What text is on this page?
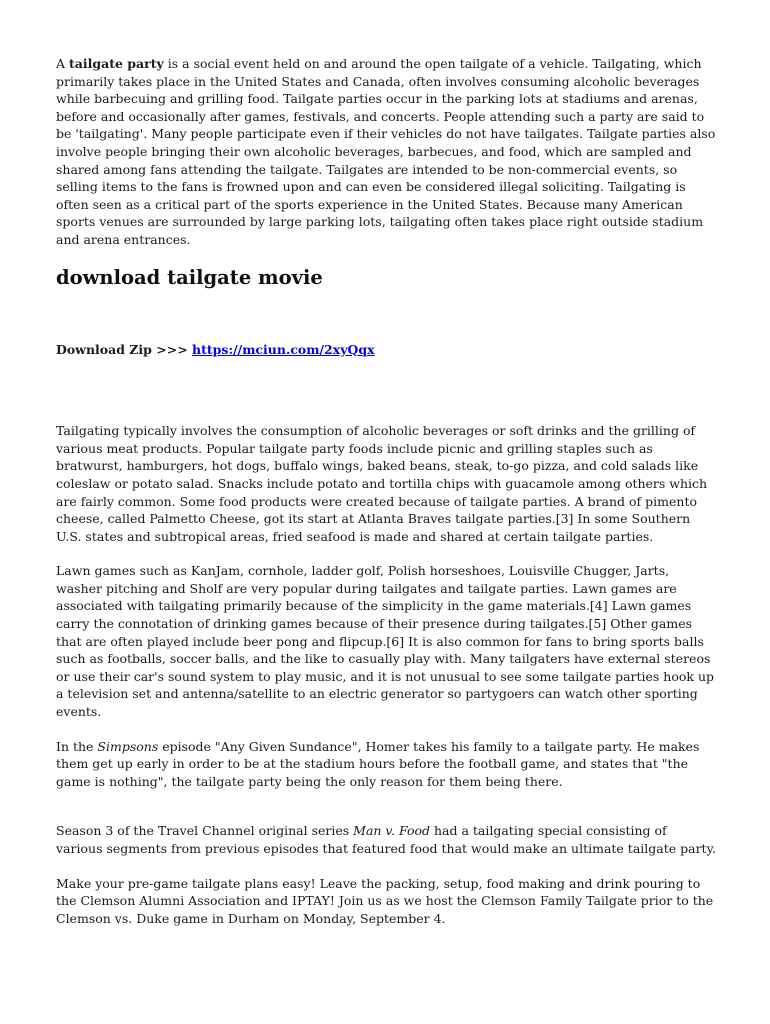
A tailgate party is a social event held on and around the open tailgate of a vehicle. Tailgating, which primarily takes place in the United States and Canada, often involves consuming alcoholic beverages while barbecuing and grilling food. Tailgate parties occur in the parking lots at stadiums and arenas, before and occasionally after games, festivals, and concerts. People attending such a party are said to be 'tailgating'. Many people participate even if their vehicles do not have tailgates. Tailgate parties also involve people bringing their own alcoholic beverages, barbecues, and food, which are sampled and shared among fans attending the tailgate. Tailgates are intended to be non-commercial events, so selling items to the fans is frowned upon and can even be considered illegal soliciting. Tailgating is often seen as a critical part of the sports experience in the United States. Because many American sports venues are surrounded by large parking lots, tailgating often takes place right outside stadium and arena entrances.

download tailgate movie

Download Zip >>> https://mciun.com/2xyQqx

Tailgating typically involves the consumption of alcoholic beverages or soft drinks and the grilling of various meat products. Popular tailgate party foods include picnic and grilling staples such as bratwurst, hamburgers, hot dogs, buffalo wings, baked beans, steak, to-go pizza, and cold salads like coleslaw or potato salad. Snacks include potato and tortilla chips with guacamole among others which are fairly common. Some food products were created because of tailgate parties. A brand of pimento cheese, called Palmetto Cheese, got its start at Atlanta Braves tailgate parties.[3] In some Southern U.S. states and subtropical areas, fried seafood is made and shared at certain tailgate parties.

Lawn games such as KanJam, cornhole, ladder golf, Polish horseshoes, Louisville Chugger, Jarts, washer pitching and Sholf are very popular during tailgates and tailgate parties. Lawn games are associated with tailgating primarily because of the simplicity in the game materials.[4] Lawn games carry the connotation of drinking games because of their presence during tailgates.[5] Other games that are often played include beer pong and flipcup.[6] It is also common for fans to bring sports balls such as footballs, soccer balls, and the like to casually play with. Many tailgaters have external stereos or use their car's sound system to play music, and it is not unusual to see some tailgate parties hook up a television set and antenna/satellite to an electric generator so partygoers can watch other sporting events.

In the Simpsons episode "Any Given Sundance", Homer takes his family to a tailgate party. He makes them get up early in order to be at the stadium hours before the football game, and states that "the game is nothing", the tailgate party being the only reason for them being there.

Season 3 of the Travel Channel original series Man v. Food had a tailgating special consisting of various segments from previous episodes that featured food that would make an ultimate tailgate party.

Make your pre-game tailgate plans easy! Leave the packing, setup, food making and drink pouring to the Clemson Alumni Association and IPTAY! Join us as we host the Clemson Family Tailgate prior to the Clemson vs. Duke game in Durham on Monday, September 4.
